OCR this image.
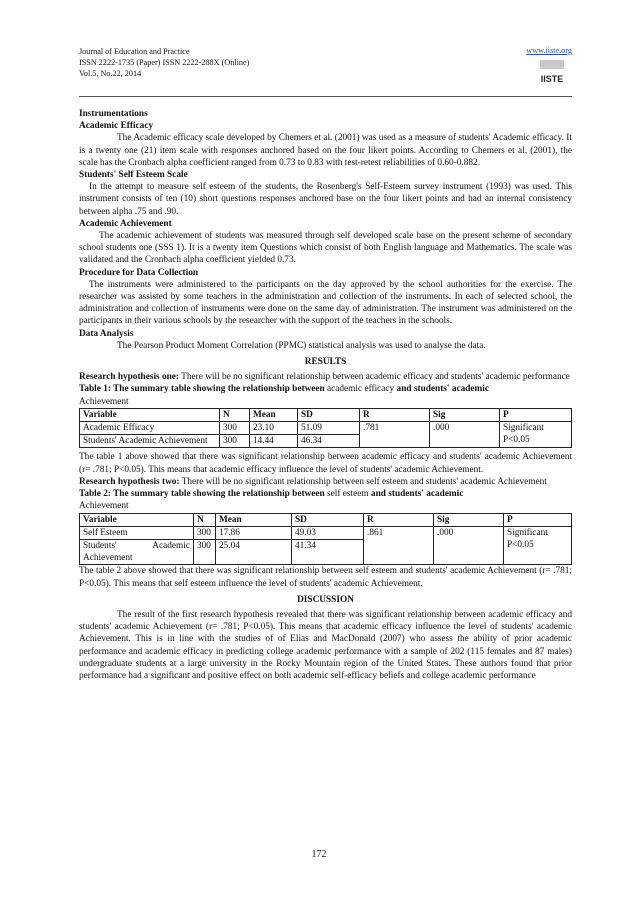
Journal of Education and Practice
ISSN 2222-1735 (Paper) ISSN 2222-288X (Online)
Vol.5, No.22, 2014
www.iiste.org
IISTE

Instrumentations

Academic Efficacy

The Academic efficacy scale developed by Chemers et al. (2001) was used as a measure of students' Academic efficacy. It is a twenty one (21) item scale with responses anchored based on the four likert points. According to Chemers et al. (2001), the scale has the Cronbach alpha coefficient ranged from 0.73 to 0.83 with test-retest reliabilities of 0.60-0.882.

Students' Self Esteem Scale

In the attempt to measure self esteem of the students, the Rosenberg's Self-Esteem survey instrument (1993) was used. This instrument consists of ten (10) short questions responses anchored base on the four likert points and had an internal consistency between alpha .75 and .90.

Academic Achievement

The academic achievement of students was measured through self developed scale base on the present scheme of secondary school students one (SSS 1). It is a twenty item Questions which consist of both English language and Mathematics. The scale was validated and the Cronbach alpha coefficient yielded 0.73.

Procedure for Data Collection

The instruments were administered to the participants on the day approved by the school authorities for the exercise. The researcher was assisted by some teachers in the administration and collection of the instruments. In each of selected school, the administration and collection of instruments were done on the same day of administration. The instrument was administered on the participants in their various schools by the researcher with the support of the teachers in the schools.

Data Analysis

The Pearson Product Moment Correlation (PPMC) statistical analysis was used to analyse the data.

RESULTS

Research hypothesis one: There will be no significant relationship between academic efficacy and students' academic performance

Table 1: The summary table showing the relationship between academic efficacy and students' academic
Achievement

Variable	N	Mean	SD	R	Sig	P
Academic Efficacy	300	23.10	51.09	.781	.000	Significant P<0.05
Students' Academic Achievement	300	14.44	46.34			

The table 1 above showed that there was significant relationship between academic efficacy and students' academic Achievement (r= .781; P<0.05). This means that academic efficacy influence the level of students' academic Achievement.

Research hypothesis two: There will be no significant relationship between self esteem and students' academic Achievement

Table 2: The summary table showing the relationship between self esteem and students' academic
Achievement

Variable	N	Mean	SD	R	Sig	P
Self Esteem	300	17.86	49.03	.861	.000	Significant P<0.05
Students' Academic Achievement	300	25.04	41.34			

The table 2 above showed that there was significant relationship between self esteem and students' academic Achievement (r= .781; P<0.05). This means that self esteem influence the level of students' academic Achievement.

DISCUSSION

The result of the first research hypothesis revealed that there was significant relationship between academic efficacy and students' academic Achievement (r= .781; P<0.05). This means that academic efficacy influence the level of students' academic Achievement. This is in line with the studies of of Elias and MacDonald (2007) who assess the ability of prior academic performance and academic efficacy in predicting college academic performance with a sample of 202 (115 females and 87 males) undergraduate students at a large university in the Rocky Mountain region of the United States. These authors found that prior performance had a significant and positive effect on both academic self-efficacy beliefs and college academic performance

172
